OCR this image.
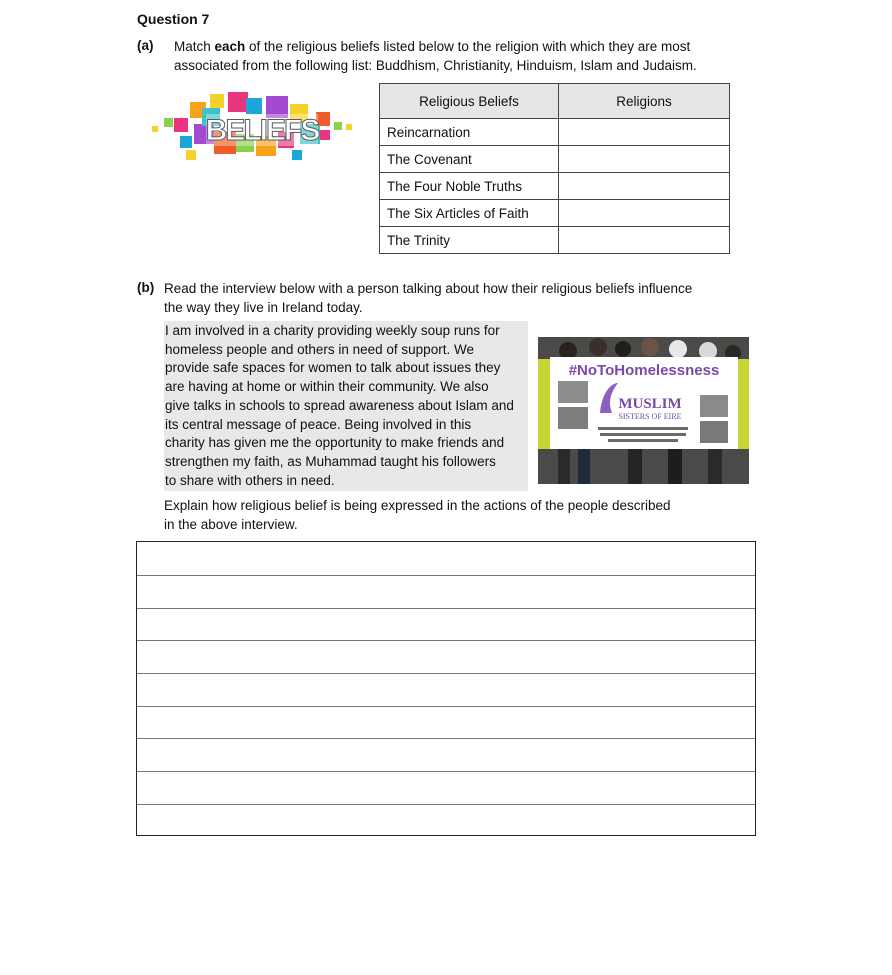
Question 7
(a) Match each of the religious beliefs listed below to the religion with which they are most
associated from the following list: Buddhism, Christianity, Hinduism, Islam and Judaism.
BELIEFS
Religious Beliefs	Religions
Reincarnation	
The Covenant	
The Four Noble Truths	
The Six Articles of Faith	
The Trinity	
(b) Read the interview below with a person talking about how their religious beliefs influence
the way they live in Ireland today.
I am involved in a charity providing weekly soup runs for
homeless people and others in need of support. We
provide safe spaces for women to talk about issues they
are having at home or within their community. We also
give talks in schools to spread awareness about Islam and
its central message of peace. Being involved in this
charity has given me the opportunity to make friends and
strengthen my faith, as Muhammad taught his followers
to share with others in need.
#NoToHomelessness
MUSLIM
SISTERS OF EIRE
Explain how religious belief is being expressed in the actions of the people described
in the above interview.
